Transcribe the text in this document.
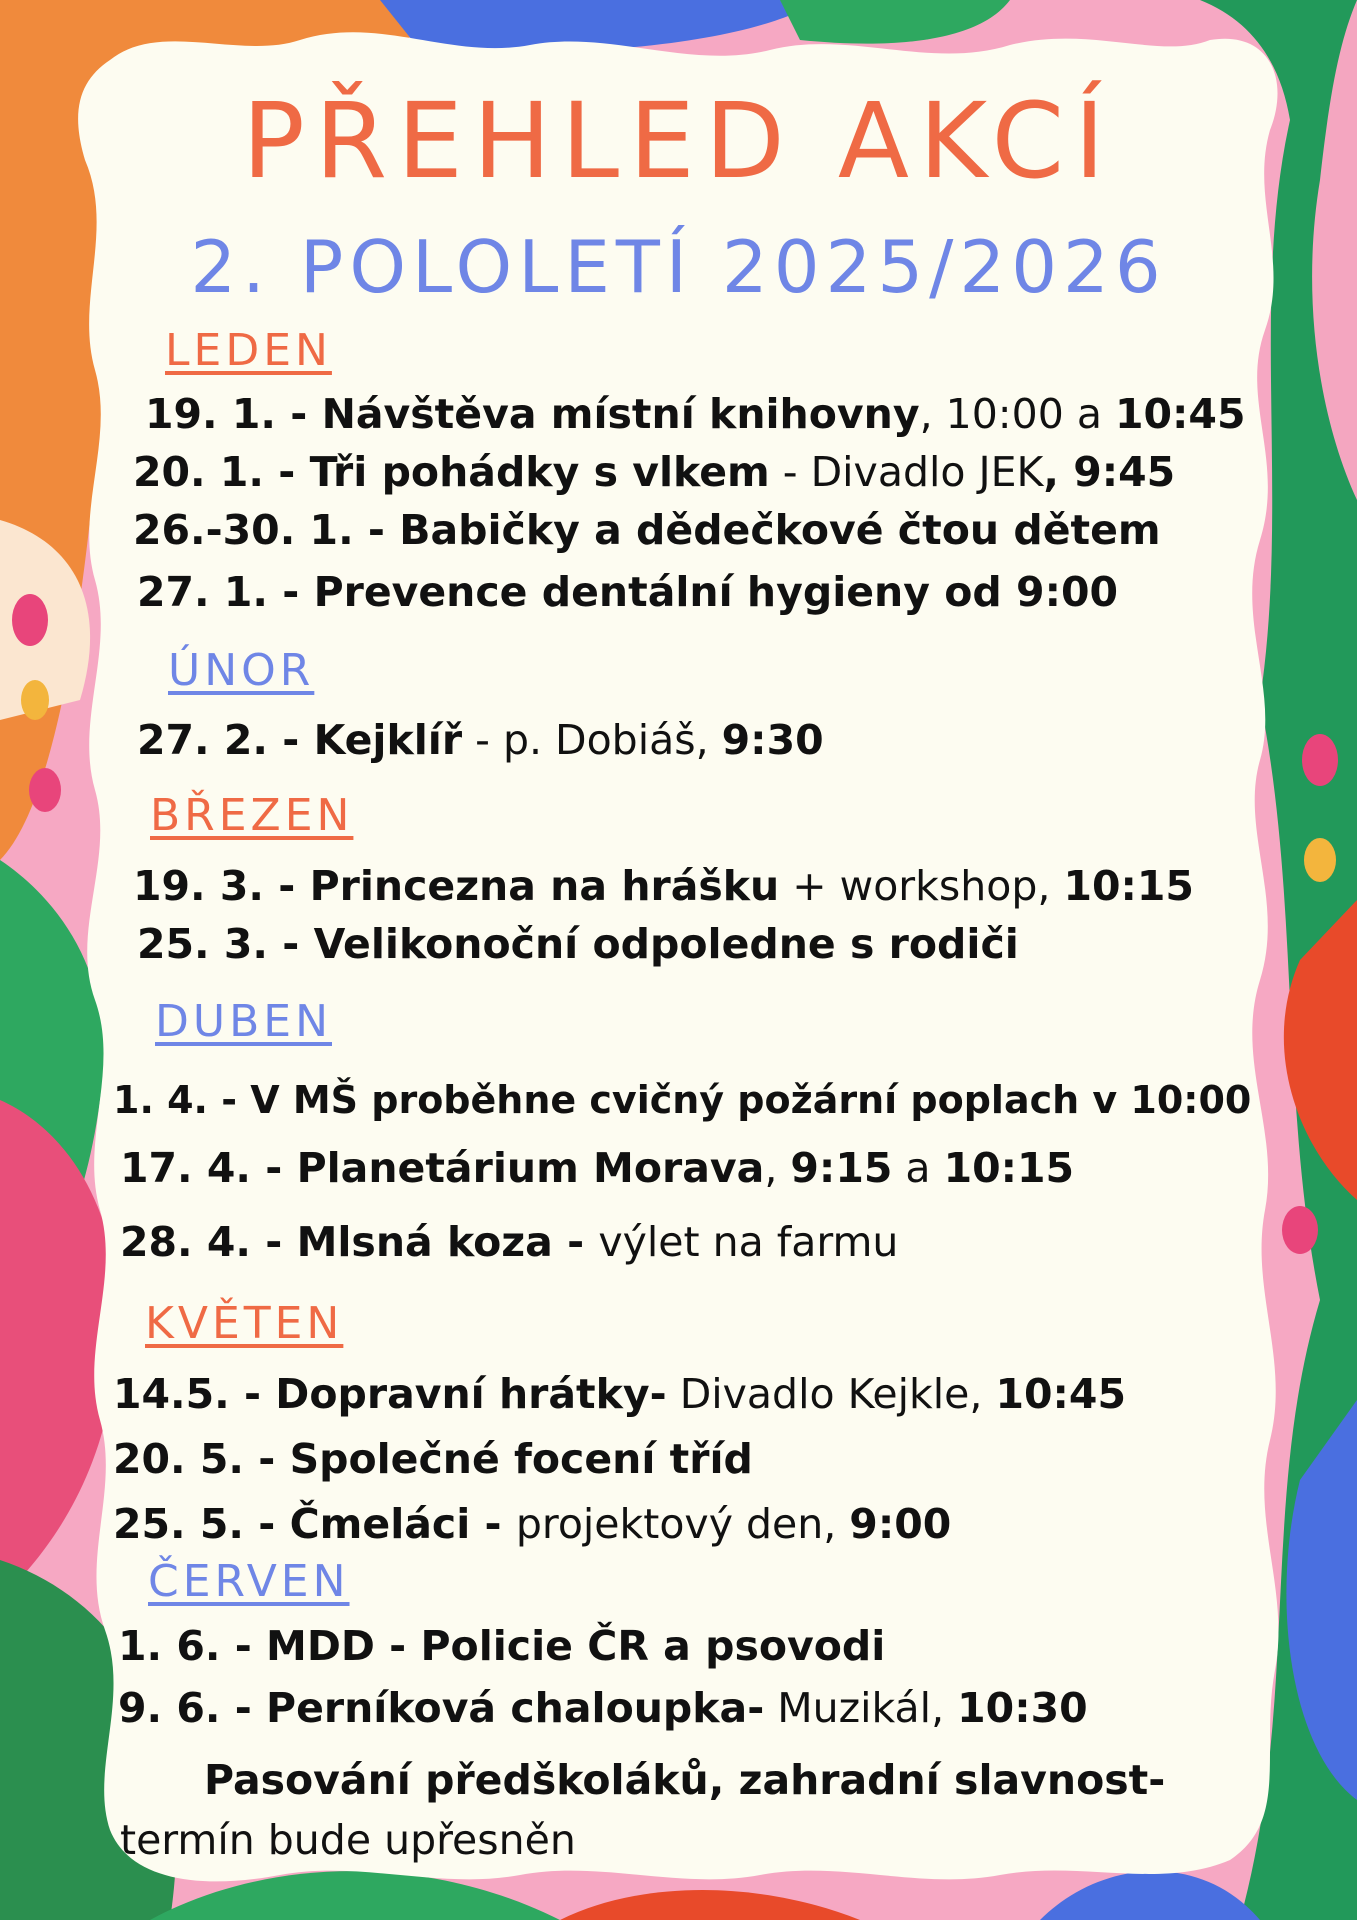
PŘEHLED AKCÍ
2. POLOLETÍ 2025/2026
LEDEN
19. 1. - Návštěva místní knihovny, 10:00 a 10:45
20. 1. - Tři pohádky s vlkem - Divadlo JEK, 9:45
26.-30. 1. - Babičky a dědečkové čtou dětem
27. 1. - Prevence dentální hygieny od 9:00
ÚNOR
27. 2. - Kejklíř - p. Dobiáš, 9:30
BŘEZEN
19. 3. - Princezna na hrášku + workshop, 10:15
25. 3. - Velikonoční odpoledne s rodiči
DUBEN
1. 4. - V MŠ proběhne cvičný požární poplach v 10:00
17. 4. - Planetárium Morava, 9:15 a 10:15
28. 4. - Mlsná koza - výlet na farmu
KVĚTEN
14.5. - Dopravní hrátky- Divadlo Kejkle, 10:45
20. 5. - Společné focení tříd
25. 5. - Čmeláci - projektový den, 9:00
ČERVEN
1. 6. - MDD - Policie ČR a psovodi
9. 6. - Perníková chaloupka- Muzikál, 10:30
Pasování předškoláků, zahradní slavnost- termín bude upřesněn
